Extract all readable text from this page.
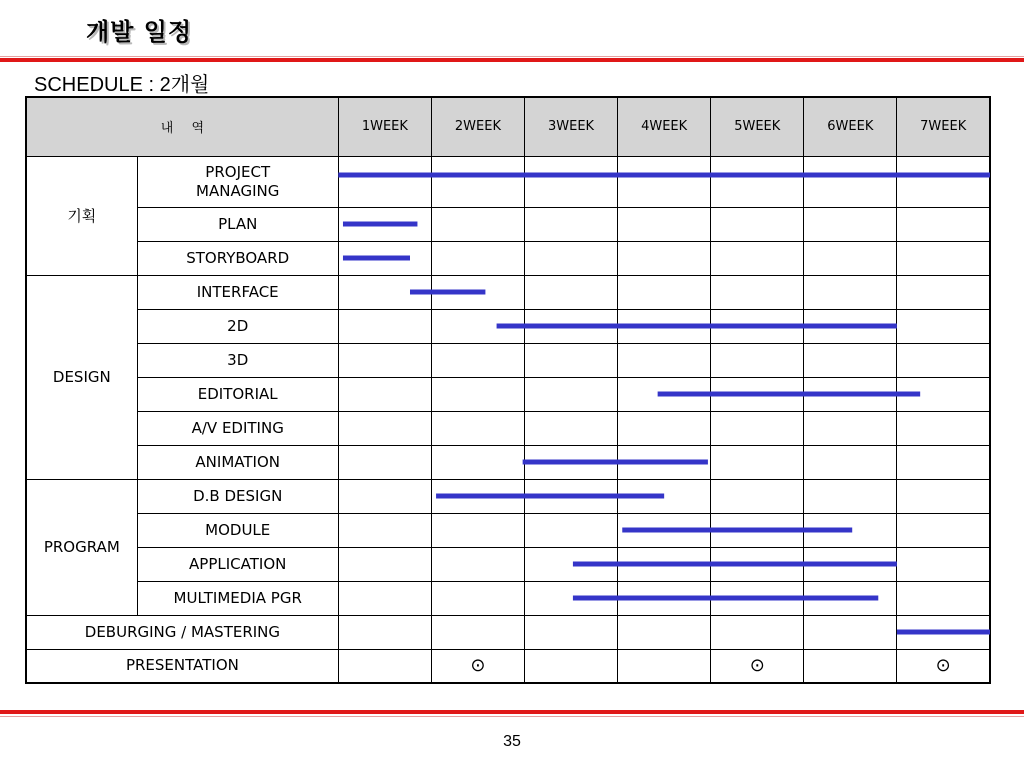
개발 일정
SCHEDULE : 2개월
내 역		1WEEK	2WEEK	3WEEK	4WEEK	5WEEK	6WEEK	7WEEK
기획	PROJECT MANAGING							
	PLAN							
	STORYBOARD							
DESIGN	INTERFACE							
	2D							
	3D							
	EDITORIAL							
	A/V EDITING							
	ANIMATION							
PROGRAM	D.B DESIGN							
	MODULE							
	APPLICATION							
	MULTIMEDIA PGR							
DEBURGING / MASTERING								
PRESENTATION			⊙			⊙		⊙
35
